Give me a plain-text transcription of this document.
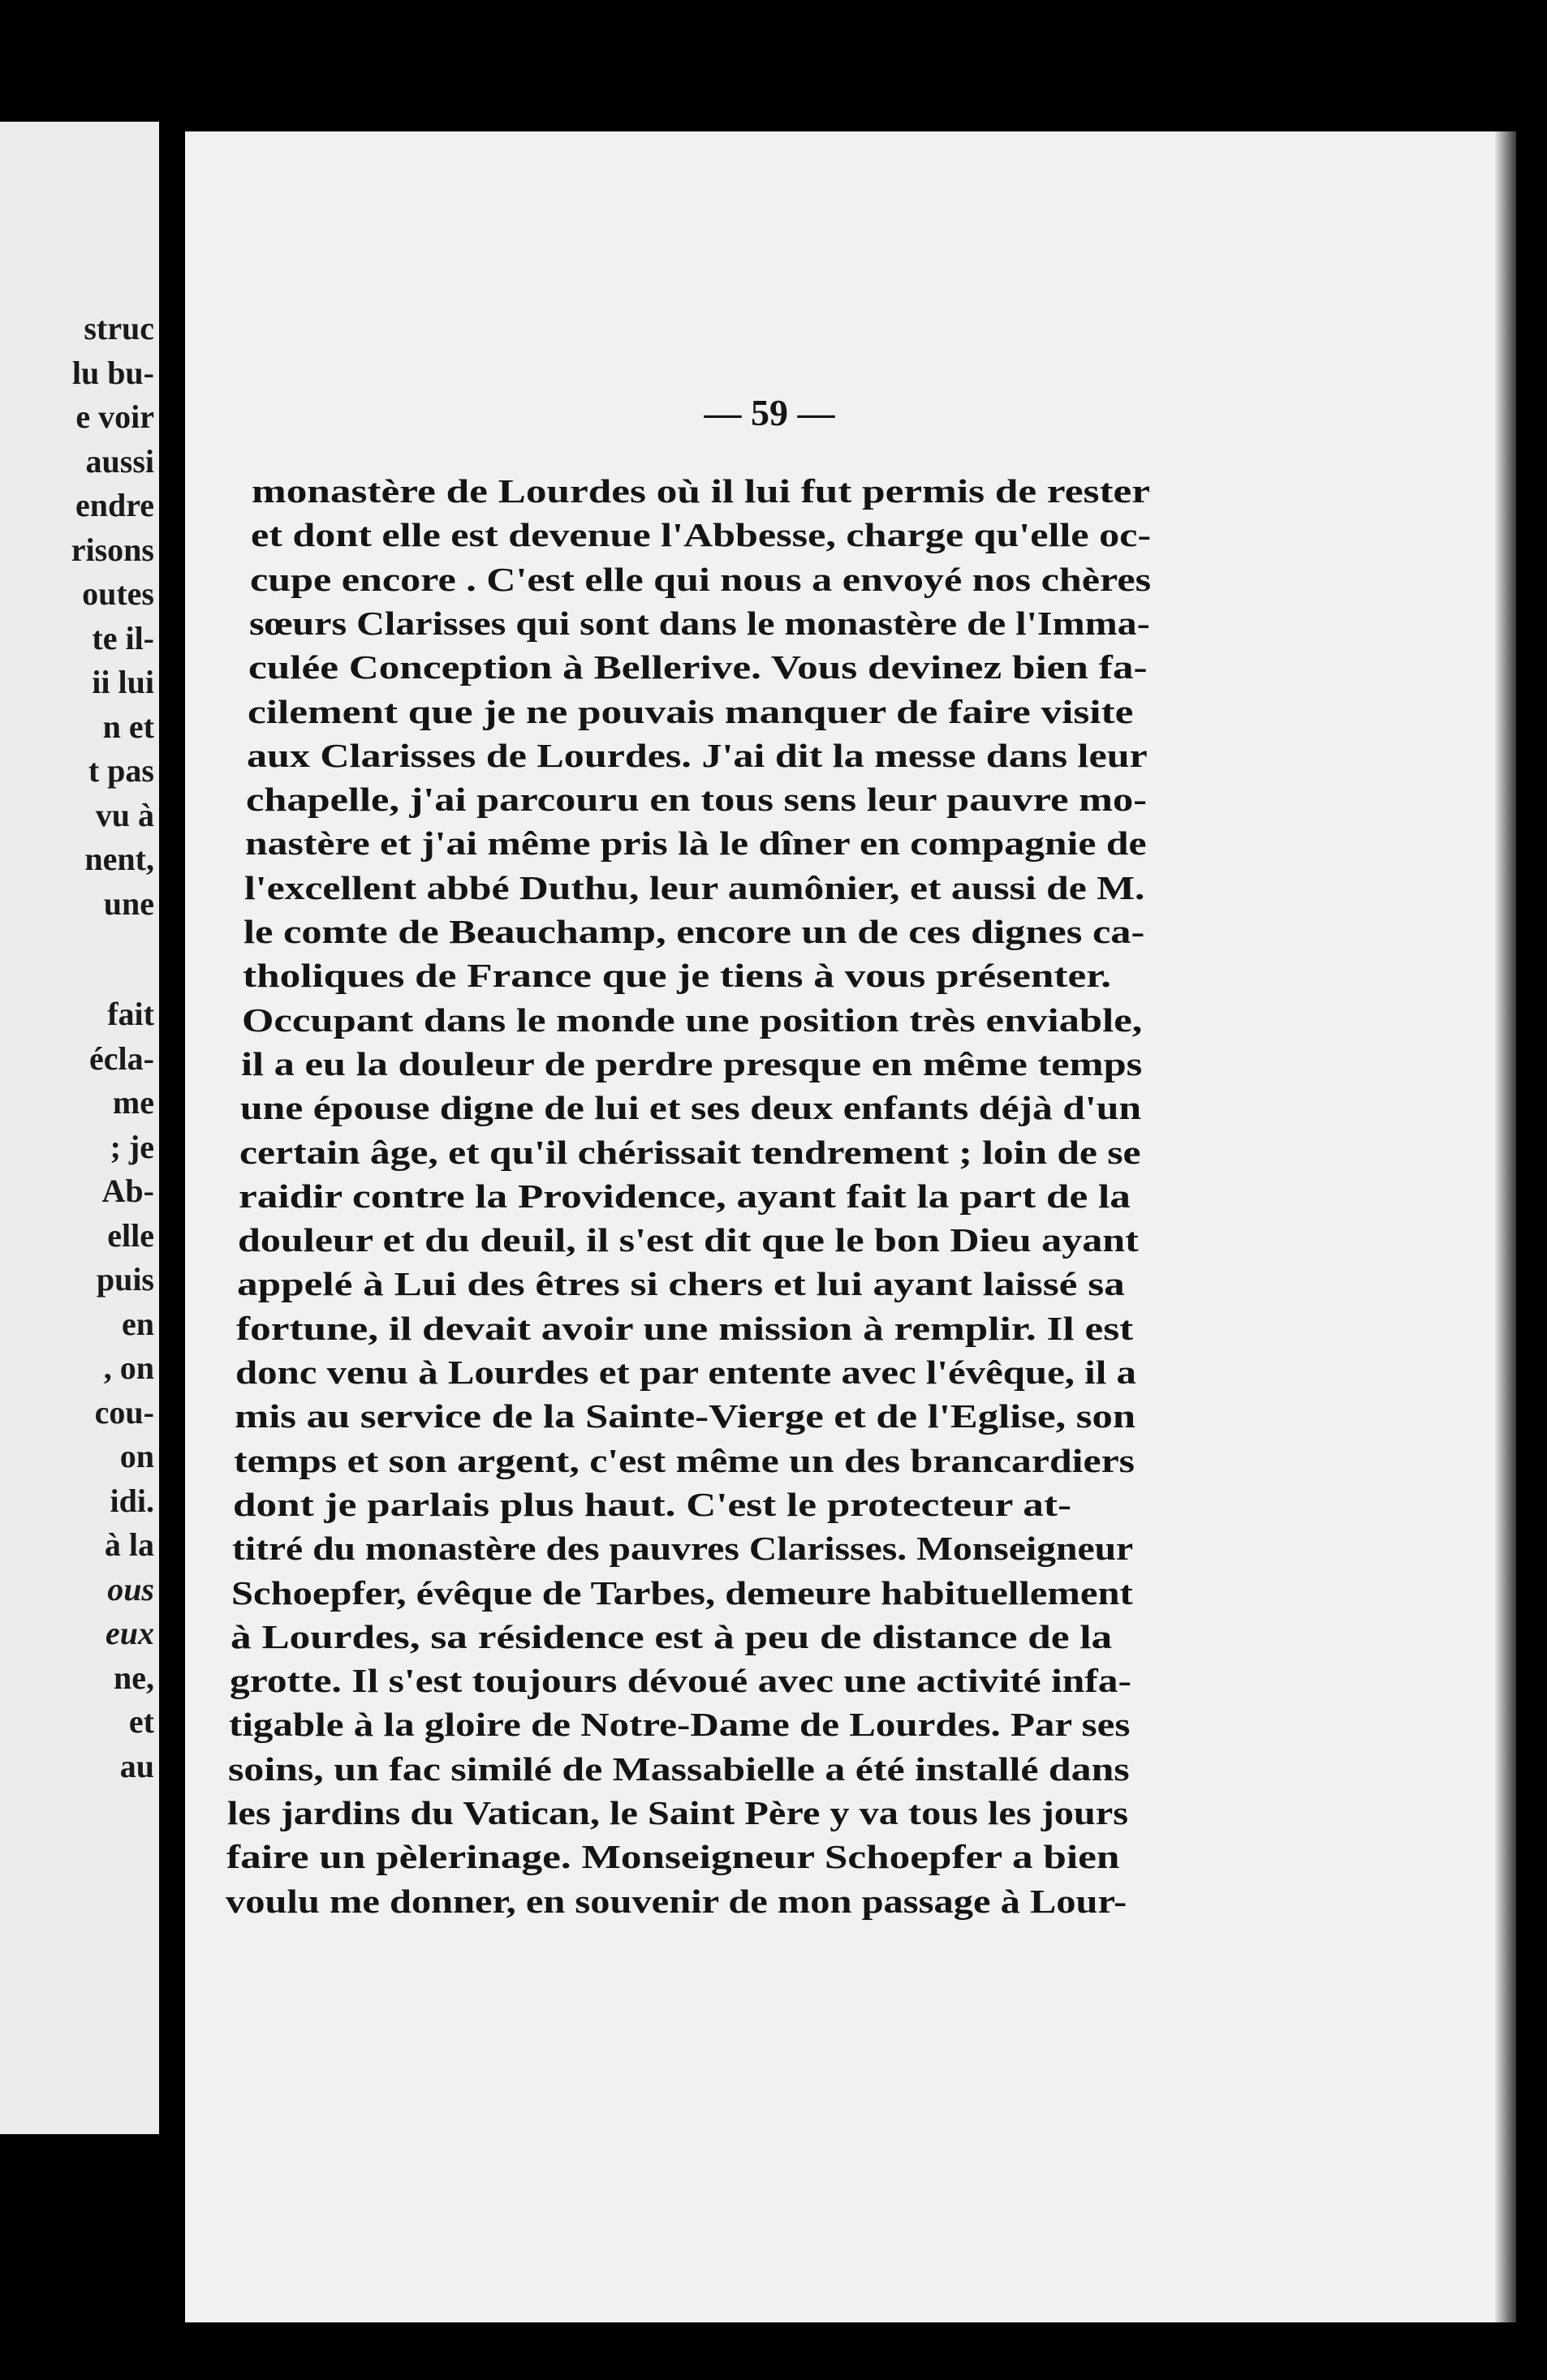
struc
lu bu-
e voir
aussi
endre
risons
outes
te il-
ii lui
n et
t pas
vu à
nent,
une
fait
écla-
me
; je
Ab-
elle
puis
en
, on
cou-
on
idi.
à la
ous
eux
ne,
et
au
— 59 —
monastère de Lourdes où il lui fut permis de rester
et dont elle est devenue l'Abbesse, charge qu'elle oc-
cupe encore . C'est elle qui nous a envoyé nos chères
sœurs Clarisses qui sont dans le monastère de l'Imma-
culée Conception à Bellerive. Vous devinez bien fa-
cilement que je ne pouvais manquer de faire visite
aux Clarisses de Lourdes. J'ai dit la messe dans leur
chapelle, j'ai parcouru en tous sens leur pauvre mo-
nastère et j'ai même pris là le dîner en compagnie de
l'excellent abbé Duthu, leur aumônier, et aussi de M.
le comte de Beauchamp, encore un de ces dignes ca-
tholiques de France que je tiens à vous présenter.
Occupant dans le monde une position très enviable,
il a eu la douleur de perdre presque en même temps
une épouse digne de lui et ses deux enfants déjà d'un
certain âge, et qu'il chérissait tendrement ; loin de se
raidir contre la Providence, ayant fait la part de la
douleur et du deuil, il s'est dit que le bon Dieu ayant
appelé à Lui des êtres si chers et lui ayant laissé sa
fortune, il devait avoir une mission à remplir. Il est
donc venu à Lourdes et par entente avec l'évêque, il a
mis au service de la Sainte-Vierge et de l'Eglise, son
temps et son argent, c'est même un des brancardiers
dont je parlais plus haut. C'est le protecteur at-
titré du monastère des pauvres Clarisses. Monseigneur
Schoepfer, évêque de Tarbes, demeure habituellement
à Lourdes, sa résidence est à peu de distance de la
grotte. Il s'est toujours dévoué avec une activité infa-
tigable à la gloire de Notre-Dame de Lourdes. Par ses
soins, un fac similé de Massabielle a été installé dans
les jardins du Vatican, le Saint Père y va tous les jours
faire un pèlerinage. Monseigneur Schoepfer a bien
voulu me donner, en souvenir de mon passage à Lour-
